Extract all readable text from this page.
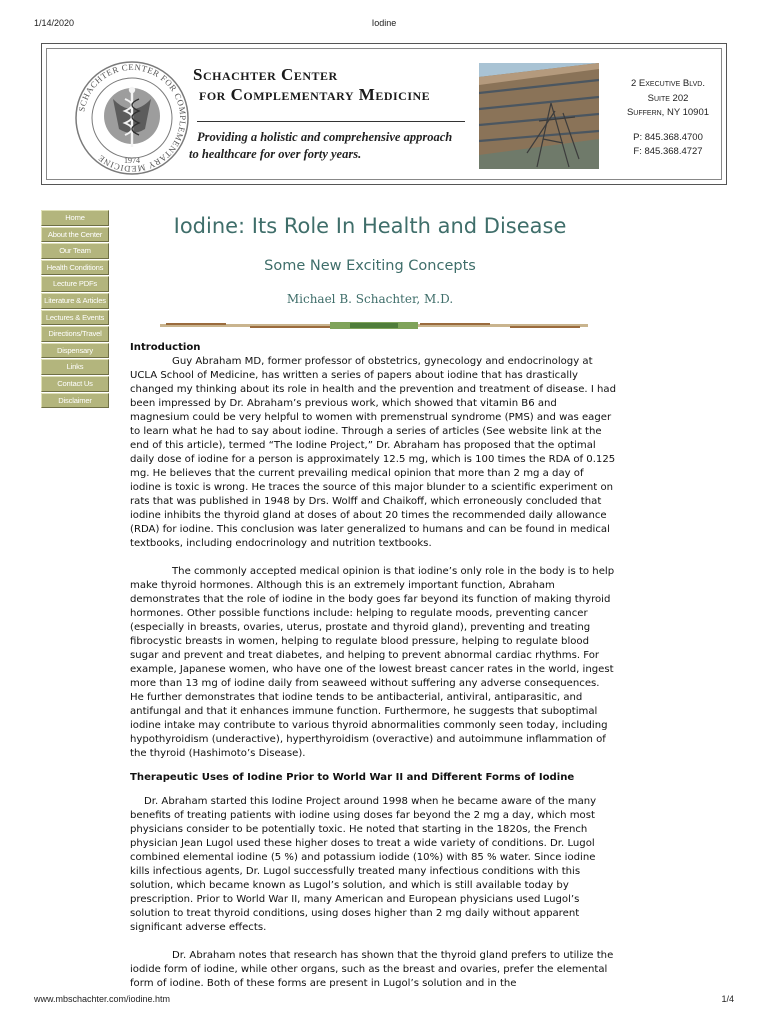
1/14/2020	Iodine
SCHACHTER CENTER FOR COMPLEMENTARY MEDICINE	1974
Schachter Center
for Complementary Medicine
Providing a holistic and comprehensive approach
to healthcare for over forty years.
2 Executive Blvd.
Suite 202
Suffern, NY 10901
P: 845.368.4700
F: 845.368.4727
Home
About the Center
Our Team
Health Conditions
Lecture PDFs
Literature & Articles
Lectures & Events
Directions/Travel
Dispensary
Links
Contact Us
Disclaimer
Iodine: Its Role In Health and Disease
Some New Exciting Concepts
Michael B. Schachter, M.D.

Introduction

Guy Abraham MD, former professor of obstetrics, gynecology and endocrinology at UCLA School of Medicine, has written a series of papers about iodine that has drastically changed my thinking about its role in health and the prevention and treatment of disease. I had been impressed by Dr. Abraham’s previous work, which showed that vitamin B6 and magnesium could be very helpful to women with premenstrual syndrome (PMS) and was eager to learn what he had to say about iodine. Through a series of articles (See website link at the end of this article), termed “The Iodine Project,” Dr. Abraham has proposed that the optimal daily dose of iodine for a person is approximately 12.5 mg, which is 100 times the RDA of 0.125 mg. He believes that the current prevailing medical opinion that more than 2 mg a day of iodine is toxic is wrong. He traces the source of this major blunder to a scientific experiment on rats that was published in 1948 by Drs. Wolff and Chaikoff, which erroneously concluded that iodine inhibits the thyroid gland at doses of about 20 times the recommended daily allowance (RDA) for iodine. This conclusion was later generalized to humans and can be found in medical textbooks, including endocrinology and nutrition textbooks.

The commonly accepted medical opinion is that iodine’s only role in the body is to help make thyroid hormones. Although this is an extremely important function, Abraham demonstrates that the role of iodine in the body goes far beyond its function of making thyroid hormones. Other possible functions include: helping to regulate moods, preventing cancer (especially in breasts, ovaries, uterus, prostate and thyroid gland), preventing and treating fibrocystic breasts in women, helping to regulate blood pressure, helping to regulate blood sugar and prevent and treat diabetes, and helping to prevent abnormal cardiac rhythms. For example, Japanese women, who have one of the lowest breast cancer rates in the world, ingest more than 13 mg of iodine daily from seaweed without suffering any adverse consequences. He further demonstrates that iodine tends to be antibacterial, antiviral, antiparasitic, and antifungal and that it enhances immune function. Furthermore, he suggests that suboptimal iodine intake may contribute to various thyroid abnormalities commonly seen today, including hypothyroidism (underactive), hyperthyroidism (overactive) and autoimmune inflammation of the thyroid (Hashimoto’s Disease).

Therapeutic Uses of Iodine Prior to World War II and Different Forms of Iodine

Dr. Abraham started this Iodine Project around 1998 when he became aware of the many benefits of treating patients with iodine using doses far beyond the 2 mg a day, which most physicians consider to be potentially toxic. He noted that starting in the 1820s, the French physician Jean Lugol used these higher doses to treat a wide variety of conditions. Dr. Lugol combined elemental iodine (5 %) and potassium iodide (10%) with 85 % water. Since iodine kills infectious agents, Dr. Lugol successfully treated many infectious conditions with this solution, which became known as Lugol’s solution, and which is still available today by prescription. Prior to World War II, many American and European physicians used Lugol’s solution to treat thyroid conditions, using doses higher than 2 mg daily without apparent significant adverse effects.

Dr. Abraham notes that research has shown that the thyroid gland prefers to utilize the iodide form of iodine, while other organs, such as the breast and ovaries, prefer the elemental form of iodine. Both of these forms are present in Lugol’s solution and in the

www.mbschachter.com/iodine.htm	1/4
